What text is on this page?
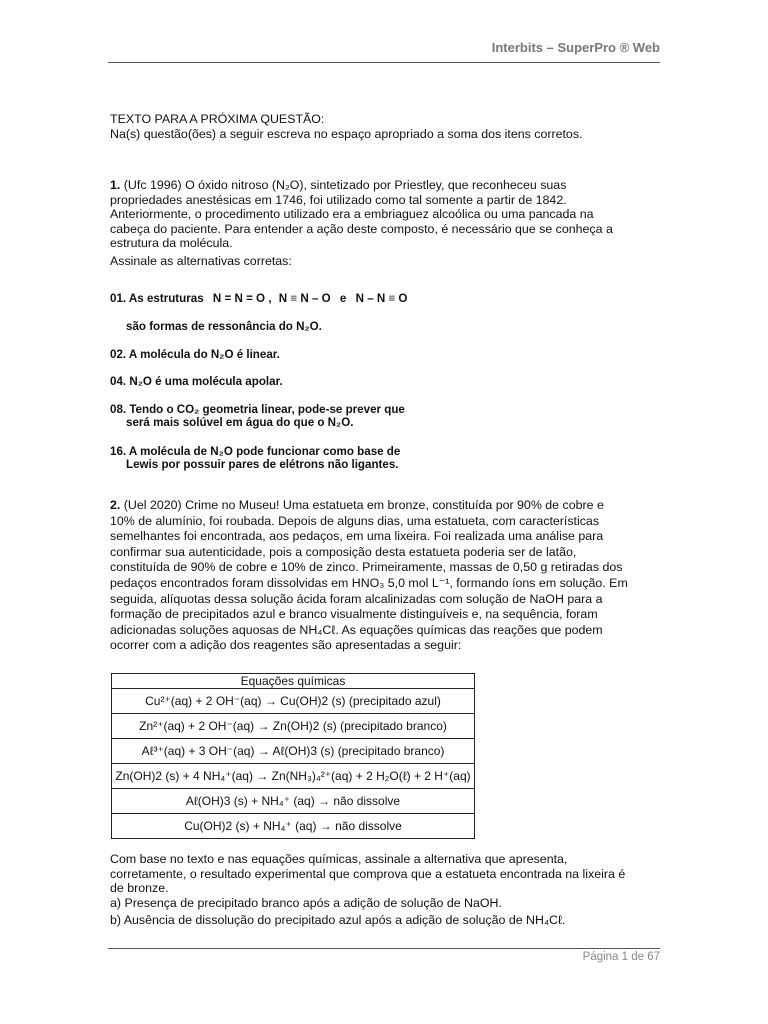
Interbits – SuperPro ® Web

TEXTO PARA A PRÓXIMA QUESTÃO:

Na(s) questão(ões) a seguir escreva no espaço apropriado a soma dos itens corretos.

1. (Ufc 1996) O óxido nitroso (N₂O), sintetizado por Priestley, que reconheceu suas

propriedades anestésicas em 1746, foi utilizado como tal somente a partir de 1842.

Anteriormente, o procedimento utilizado era a embriaguez alcoólica ou uma pancada na

cabeça do paciente. Para entender a ação deste composto, é necessário que se conheça a

estrutura da molécula.

Assinale as alternativas corretas:

01. As estruturas N = N = O , N ≡ N – O e N – N ≡ O
são formas de ressonância do N₂O.
02. A molécula do N₂O é linear.
04. N₂O é uma molécula apolar.
08. Tendo o CO₂ geometria linear, pode-se prever que
será mais solúvel em água do que o N₂O.
16. A molécula de N₂O pode funcionar como base de
Lewis por possuir pares de elétrons não ligantes.

2. (Uel 2020) Crime no Museu! Uma estatueta em bronze, constituída por 90% de cobre e

10% de alumínio, foi roubada. Depois de alguns dias, uma estatueta, com características

semelhantes foi encontrada, aos pedaços, em uma lixeira. Foi realizada uma análise para

confirmar sua autenticidade, pois a composição desta estatueta poderia ser de latão,

constituída de 90% de cobre e 10% de zinco. Primeiramente, massas de 0,50 g retiradas dos

pedaços encontrados foram dissolvidas em HNO₃ 5,0 mol L⁻¹, formando íons em solução. Em

seguida, alíquotas dessa solução ácida foram alcalinizadas com solução de NaOH para a

formação de precipitados azul e branco visualmente distinguíveis e, na sequência, foram

adicionadas soluções aquosas de NH₄Cℓ. As equações químicas das reações que podem

ocorrer com a adição dos reagentes são apresentadas a seguir:

Equações químicas
Cu²⁺(aq) + 2 OH⁻(aq) → Cu(OH)2 (s) (precipitado azul)
Zn²⁺(aq) + 2 OH⁻(aq) → Zn(OH)2 (s) (precipitado branco)
Aℓ³⁺(aq) + 3 OH⁻(aq) → Aℓ(OH)3 (s) (precipitado branco)
Zn(OH)2 (s) + 4 NH₄⁺(aq) → Zn(NH₃)₄²⁺(aq) + 2 H₂O(ℓ) + 2 H⁺(aq)
Aℓ(OH)3 (s) + NH₄⁺ (aq) → não dissolve
Cu(OH)2 (s) + NH₄⁺ (aq) → não dissolve

Com base no texto e nas equações químicas, assinale a alternativa que apresenta,

corretamente, o resultado experimental que comprova que a estatueta encontrada na lixeira é

de bronze.

a) Presença de precipitado branco após a adição de solução de NaOH.

b) Ausência de dissolução do precipitado azul após a adição de solução de NH₄Cℓ.

Página 1 de 67
